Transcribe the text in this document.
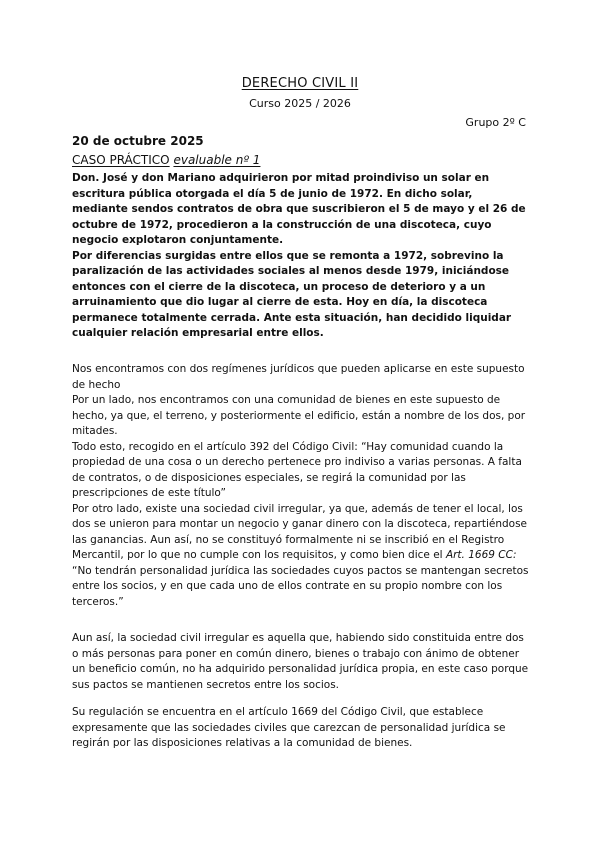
DERECHO CIVIL II
Curso 2025 / 2026
Grupo 2º C
20 de octubre 2025
CASO PRÁCTICO evaluable nº 1

Don. José y don Mariano adquirieron por mitad proindiviso un solar en escritura pública otorgada el día 5 de junio de 1972. En dicho solar, mediante sendos contratos de obra que suscribieron el 5 de mayo y el 26 de octubre de 1972, procedieron a la construcción de una discoteca, cuyo negocio explotaron conjuntamente.

Por diferencias surgidas entre ellos que se remonta a 1972, sobrevino la paralización de las actividades sociales al menos desde 1979, iniciándose entonces con el cierre de la discoteca, un proceso de deterioro y a un arruinamiento que dio lugar al cierre de esta. Hoy en día, la discoteca permanece totalmente cerrada. Ante esta situación, han decidido liquidar cualquier relación empresarial entre ellos.

Nos encontramos con dos regímenes jurídicos que pueden aplicarse en este supuesto de hecho

Por un lado, nos encontramos con una comunidad de bienes en este supuesto de hecho, ya que, el terreno, y posteriormente el edificio, están a nombre de los dos, por mitades.

Todo esto, recogido en el artículo 392 del Código Civil: “Hay comunidad cuando la propiedad de una cosa o un derecho pertenece pro indiviso a varias personas. A falta de contratos, o de disposiciones especiales, se regirá la comunidad por las prescripciones de este título”

Por otro lado, existe una sociedad civil irregular, ya que, además de tener el local, los dos se unieron para montar un negocio y ganar dinero con la discoteca, repartiéndose las ganancias. Aun así, no se constituyó formalmente ni se inscribió en el Registro Mercantil, por lo que no cumple con los requisitos, y como bien dice el Art. 1669 CC: “No tendrán personalidad jurídica las sociedades cuyos pactos se mantengan secretos entre los socios, y en que cada uno de ellos contrate en su propio nombre con los terceros.”

Aun así, la sociedad civil irregular es aquella que, habiendo sido constituida entre dos o más personas para poner en común dinero, bienes o trabajo con ánimo de obtener un beneficio común, no ha adquirido personalidad jurídica propia, en este caso porque sus pactos se mantienen secretos entre los socios.

Su regulación se encuentra en el artículo 1669 del Código Civil, que establece expresamente que las sociedades civiles que carezcan de personalidad jurídica se regirán por las disposiciones relativas a la comunidad de bienes.
